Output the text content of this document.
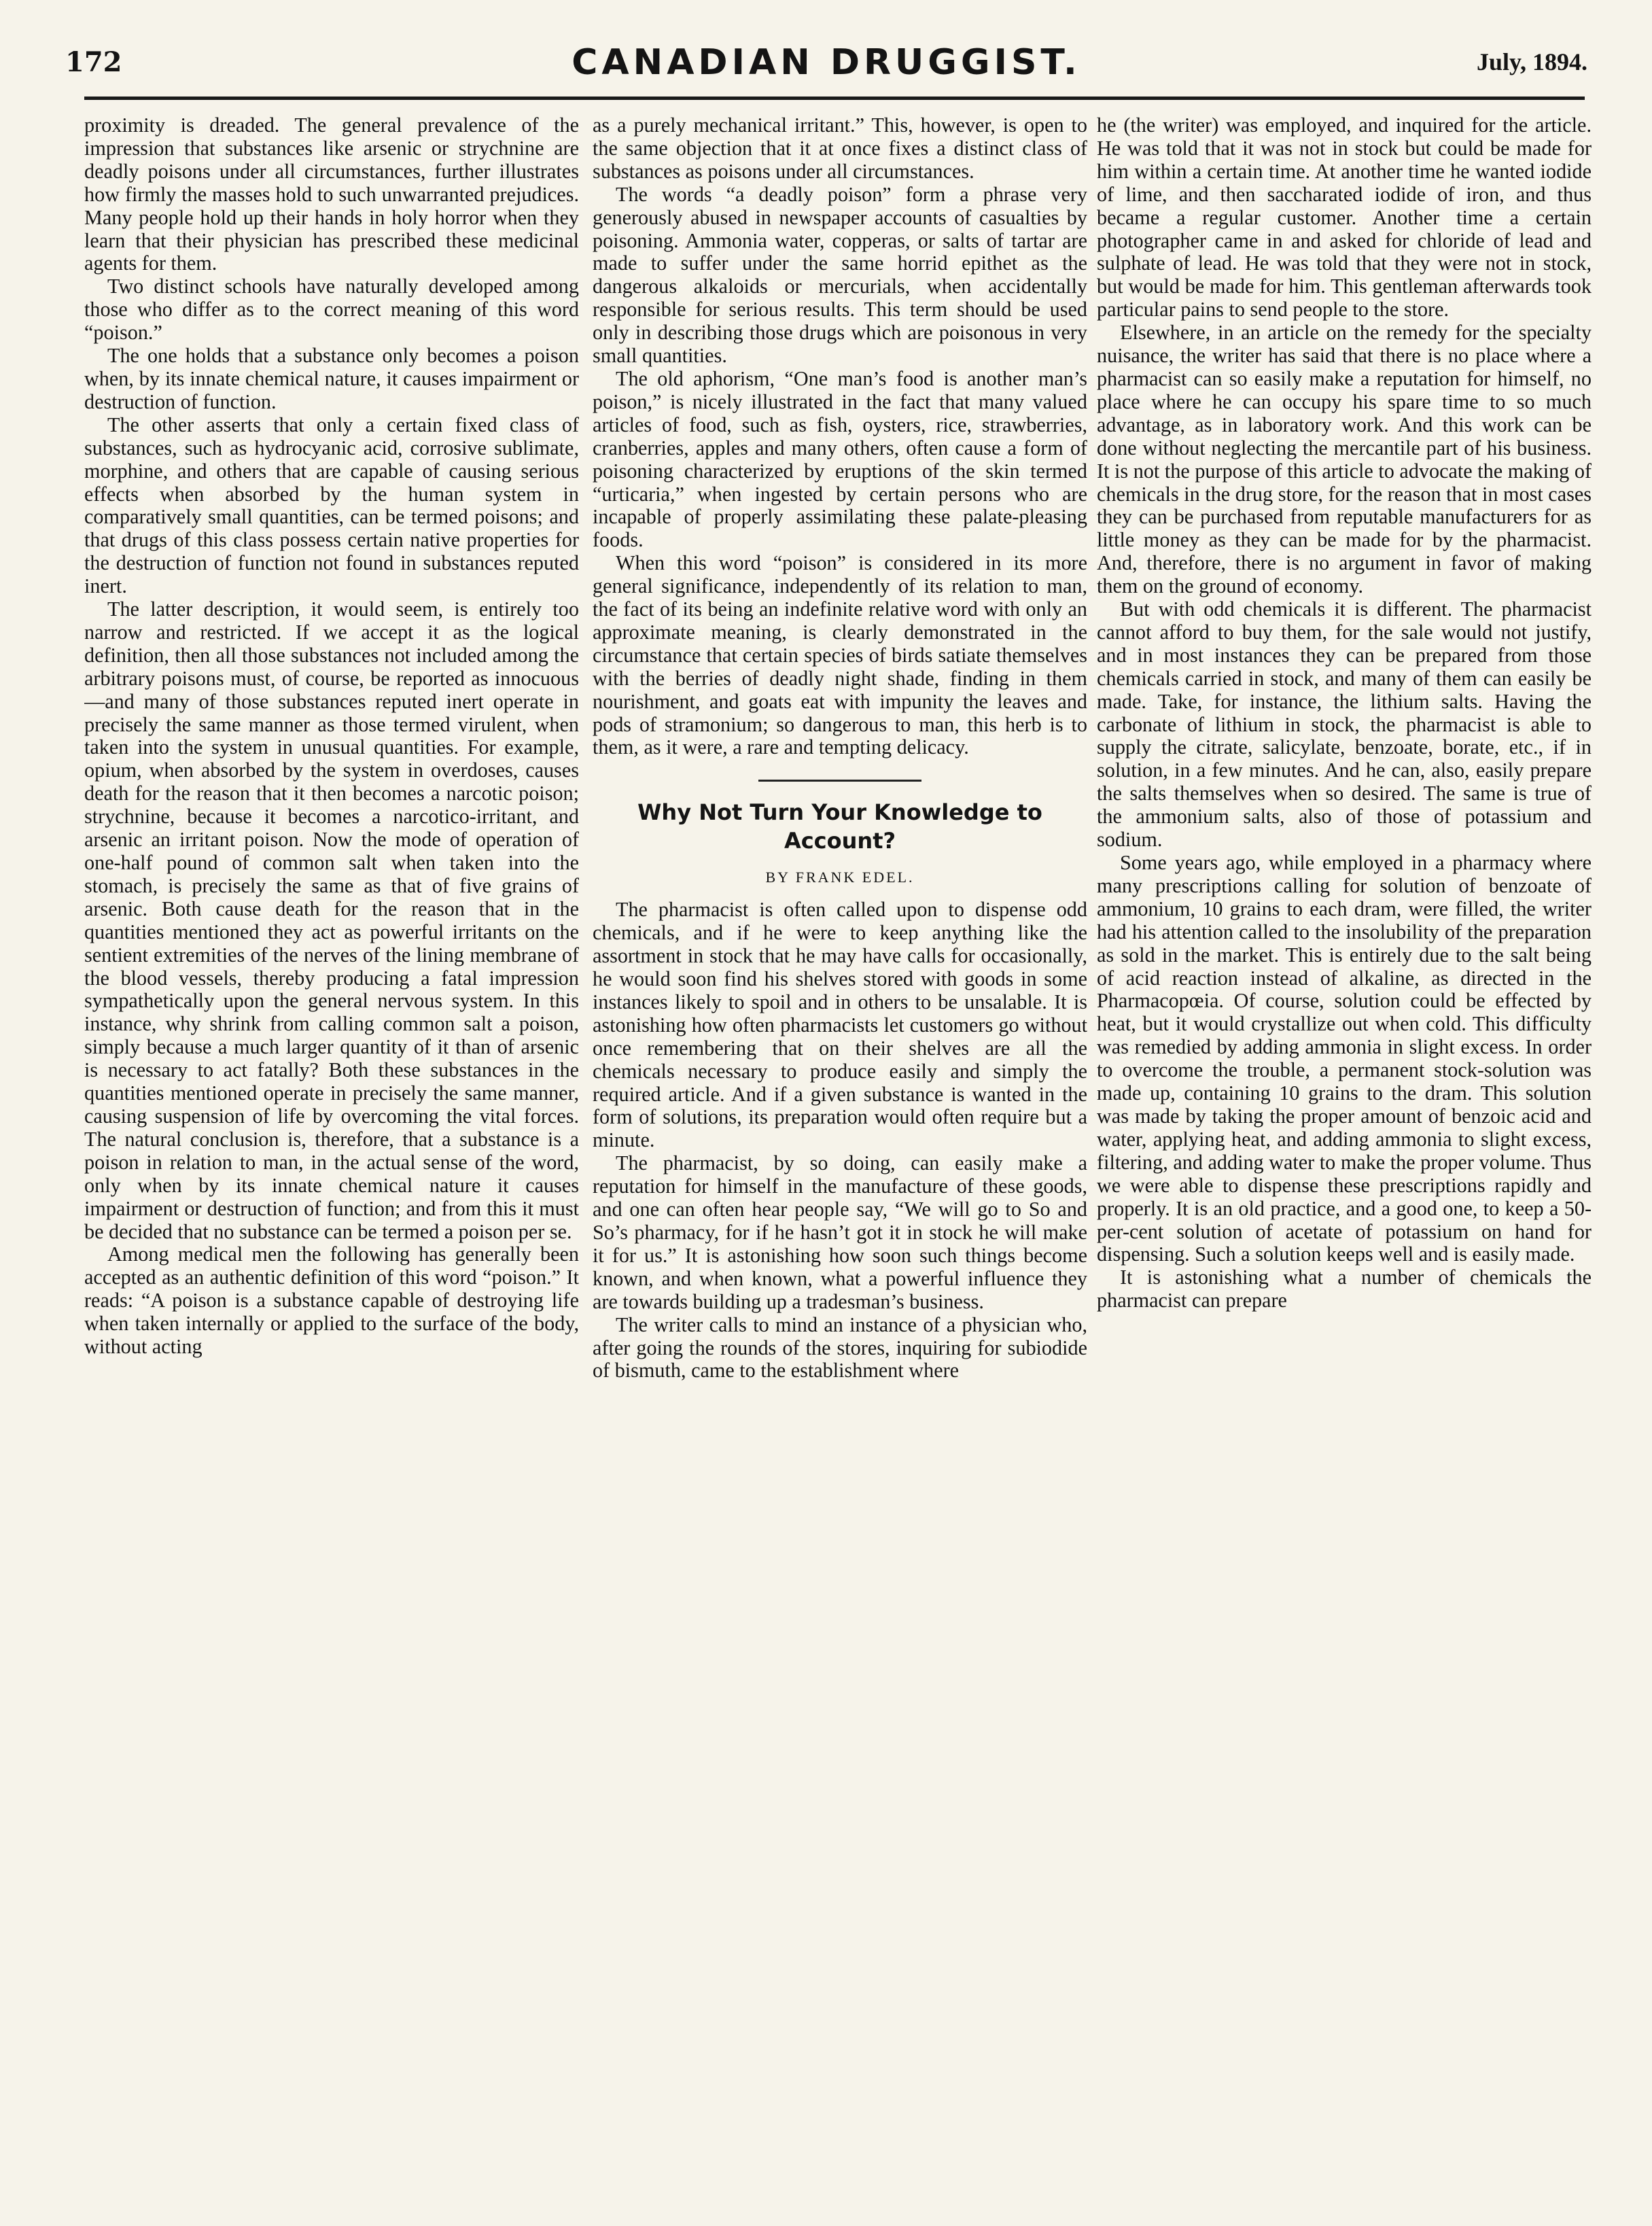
172	CANADIAN DRUGGIST.	July, 1894.

proximity is dreaded. The general prevalence of the impression that substances like arsenic or strychnine are deadly poisons under all circumstances, further illustrates how firmly the masses hold to such unwarranted prejudices. Many people hold up their hands in holy horror when they learn that their physician has prescribed these medicinal agents for them.

Two distinct schools have naturally developed among those who differ as to the correct meaning of this word “poison.”

The one holds that a substance only becomes a poison when, by its innate chemical nature, it causes impairment or destruction of function.

The other asserts that only a certain fixed class of substances, such as hydrocyanic acid, corrosive sublimate, morphine, and others that are capable of causing serious effects when absorbed by the human system in comparatively small quantities, can be termed poisons; and that drugs of this class possess certain native properties for the destruction of function not found in substances reputed inert.

The latter description, it would seem, is entirely too narrow and restricted. If we accept it as the logical definition, then all those substances not included among the arbitrary poisons must, of course, be reported as innocuous—and many of those substances reputed inert operate in precisely the same manner as those termed virulent, when taken into the system in unusual quantities. For example, opium, when absorbed by the system in overdoses, causes death for the reason that it then becomes a narcotic poison; strychnine, because it becomes a narcotico-irritant, and arsenic an irritant poison. Now the mode of operation of one-half pound of common salt when taken into the stomach, is precisely the same as that of five grains of arsenic. Both cause death for the reason that in the quantities mentioned they act as powerful irritants on the sentient extremities of the nerves of the lining membrane of the blood vessels, thereby producing a fatal impression sympathetically upon the general nervous system. In this instance, why shrink from calling common salt a poison, simply because a much larger quantity of it than of arsenic is necessary to act fatally? Both these substances in the quantities mentioned operate in precisely the same manner, causing suspension of life by overcoming the vital forces. The natural conclusion is, therefore, that a substance is a poison in relation to man, in the actual sense of the word, only when by its innate chemical nature it causes impairment or destruction of function; and from this it must be decided that no substance can be termed a poison per se.

Among medical men the following has generally been accepted as an authentic definition of this word “poison.” It reads: “A poison is a substance capable of destroying life when taken internally or applied to the surface of the body, without acting

as a purely mechanical irritant.” This, however, is open to the same objection that it at once fixes a distinct class of substances as poisons under all circumstances.

The words “a deadly poison” form a phrase very generously abused in newspaper accounts of casualties by poisoning. Ammonia water, copperas, or salts of tartar are made to suffer under the same horrid epithet as the dangerous alkaloids or mercurials, when accidentally responsible for serious results. This term should be used only in describing those drugs which are poisonous in very small quantities.

The old aphorism, “One man’s food is another man’s poison,” is nicely illustrated in the fact that many valued articles of food, such as fish, oysters, rice, strawberries, cranberries, apples and many others, often cause a form of poisoning characterized by eruptions of the skin termed “urticaria,” when ingested by certain persons who are incapable of properly assimilating these palate-pleasing foods.

When this word “poison” is considered in its more general significance, independently of its relation to man, the fact of its being an indefinite relative word with only an approximate meaning, is clearly demonstrated in the circumstance that certain species of birds satiate themselves with the berries of deadly night shade, finding in them nourishment, and goats eat with impunity the leaves and pods of stramonium; so dangerous to man, this herb is to them, as it were, a rare and tempting delicacy.

Why Not Turn Your Knowledge to Account?
BY FRANK EDEL.

The pharmacist is often called upon to dispense odd chemicals, and if he were to keep anything like the assortment in stock that he may have calls for occasionally, he would soon find his shelves stored with goods in some instances likely to spoil and in others to be unsalable. It is astonishing how often pharmacists let customers go without once remembering that on their shelves are all the chemicals necessary to produce easily and simply the required article. And if a given substance is wanted in the form of solutions, its preparation would often require but a minute.

The pharmacist, by so doing, can easily make a reputation for himself in the manufacture of these goods, and one can often hear people say, “We will go to So and So’s pharmacy, for if he hasn’t got it in stock he will make it for us.” It is astonishing how soon such things become known, and when known, what a powerful influence they are towards building up a tradesman’s business.

The writer calls to mind an instance of a physician who, after going the rounds of the stores, inquiring for subiodide of bismuth, came to the establishment where

he (the writer) was employed, and inquired for the article. He was told that it was not in stock but could be made for him within a certain time. At another time he wanted iodide of lime, and then saccharated iodide of iron, and thus became a regular customer. Another time a certain photographer came in and asked for chloride of lead and sulphate of lead. He was told that they were not in stock, but would be made for him. This gentleman afterwards took particular pains to send people to the store.

Elsewhere, in an article on the remedy for the specialty nuisance, the writer has said that there is no place where a pharmacist can so easily make a reputation for himself, no place where he can occupy his spare time to so much advantage, as in laboratory work. And this work can be done without neglecting the mercantile part of his business. It is not the purpose of this article to advocate the making of chemicals in the drug store, for the reason that in most cases they can be purchased from reputable manufacturers for as little money as they can be made for by the pharmacist. And, therefore, there is no argument in favor of making them on the ground of economy.

But with odd chemicals it is different. The pharmacist cannot afford to buy them, for the sale would not justify, and in most instances they can be prepared from those chemicals carried in stock, and many of them can easily be made. Take, for instance, the lithium salts. Having the carbonate of lithium in stock, the pharmacist is able to supply the citrate, salicylate, benzoate, borate, etc., if in solution, in a few minutes. And he can, also, easily prepare the salts themselves when so desired. The same is true of the ammonium salts, also of those of potassium and sodium.

Some years ago, while employed in a pharmacy where many prescriptions calling for solution of benzoate of ammonium, 10 grains to each dram, were filled, the writer had his attention called to the insolubility of the preparation as sold in the market. This is entirely due to the salt being of acid reaction instead of alkaline, as directed in the Pharmacopœia. Of course, solution could be effected by heat, but it would crystallize out when cold. This difficulty was remedied by adding ammonia in slight excess. In order to overcome the trouble, a permanent stock-solution was made up, containing 10 grains to the dram. This solution was made by taking the proper amount of benzoic acid and water, applying heat, and adding ammonia to slight excess, filtering, and adding water to make the proper volume. Thus we were able to dispense these prescriptions rapidly and properly. It is an old practice, and a good one, to keep a 50-per-cent solution of acetate of potassium on hand for dispensing. Such a solution keeps well and is easily made.

It is astonishing what a number of chemicals the pharmacist can prepare
